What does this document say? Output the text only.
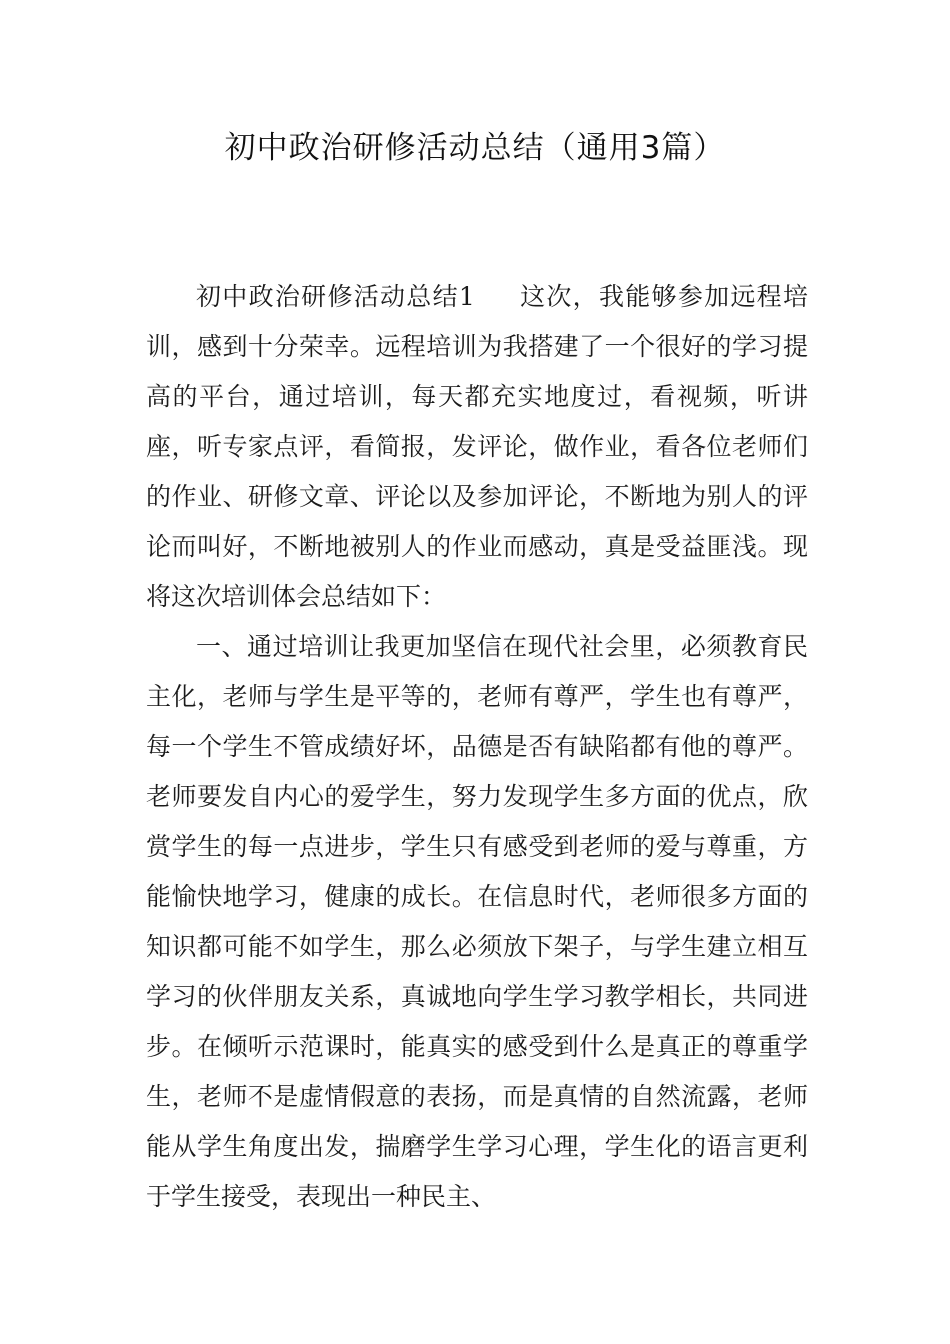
初中政治研修活动总结（通用3篇）

初中政治研修活动总结1 这次，我能够参加远程培训，感到十分荣幸。远程培训为我搭建了一个很好的学习提高的平台，通过培训，每天都充实地度过，看视频，听讲座，听专家点评，看简报，发评论，做作业，看各位老师们的作业、研修文章、评论以及参加评论，不断地为别人的评论而叫好，不断地被别人的作业而感动，真是受益匪浅。现将这次培训体会总结如下：

一、通过培训让我更加坚信在现代社会里，必须教育民主化，老师与学生是平等的，老师有尊严，学生也有尊严，每一个学生不管成绩好坏，品德是否有缺陷都有他的尊严。老师要发自内心的爱学生，努力发现学生多方面的优点，欣赏学生的每一点进步，学生只有感受到老师的爱与尊重，方能愉快地学习，健康的成长。在信息时代，老师很多方面的知识都可能不如学生，那么必须放下架子，与学生建立相互学习的伙伴朋友关系，真诚地向学生学习教学相长，共同进步。在倾听示范课时，能真实的感受到什么是真正的尊重学生，老师不是虚情假意的表扬，而是真情的自然流露，老师能从学生角度出发，揣磨学生学习心理，学生化的语言更利于学生接受，表现出一种民主、
